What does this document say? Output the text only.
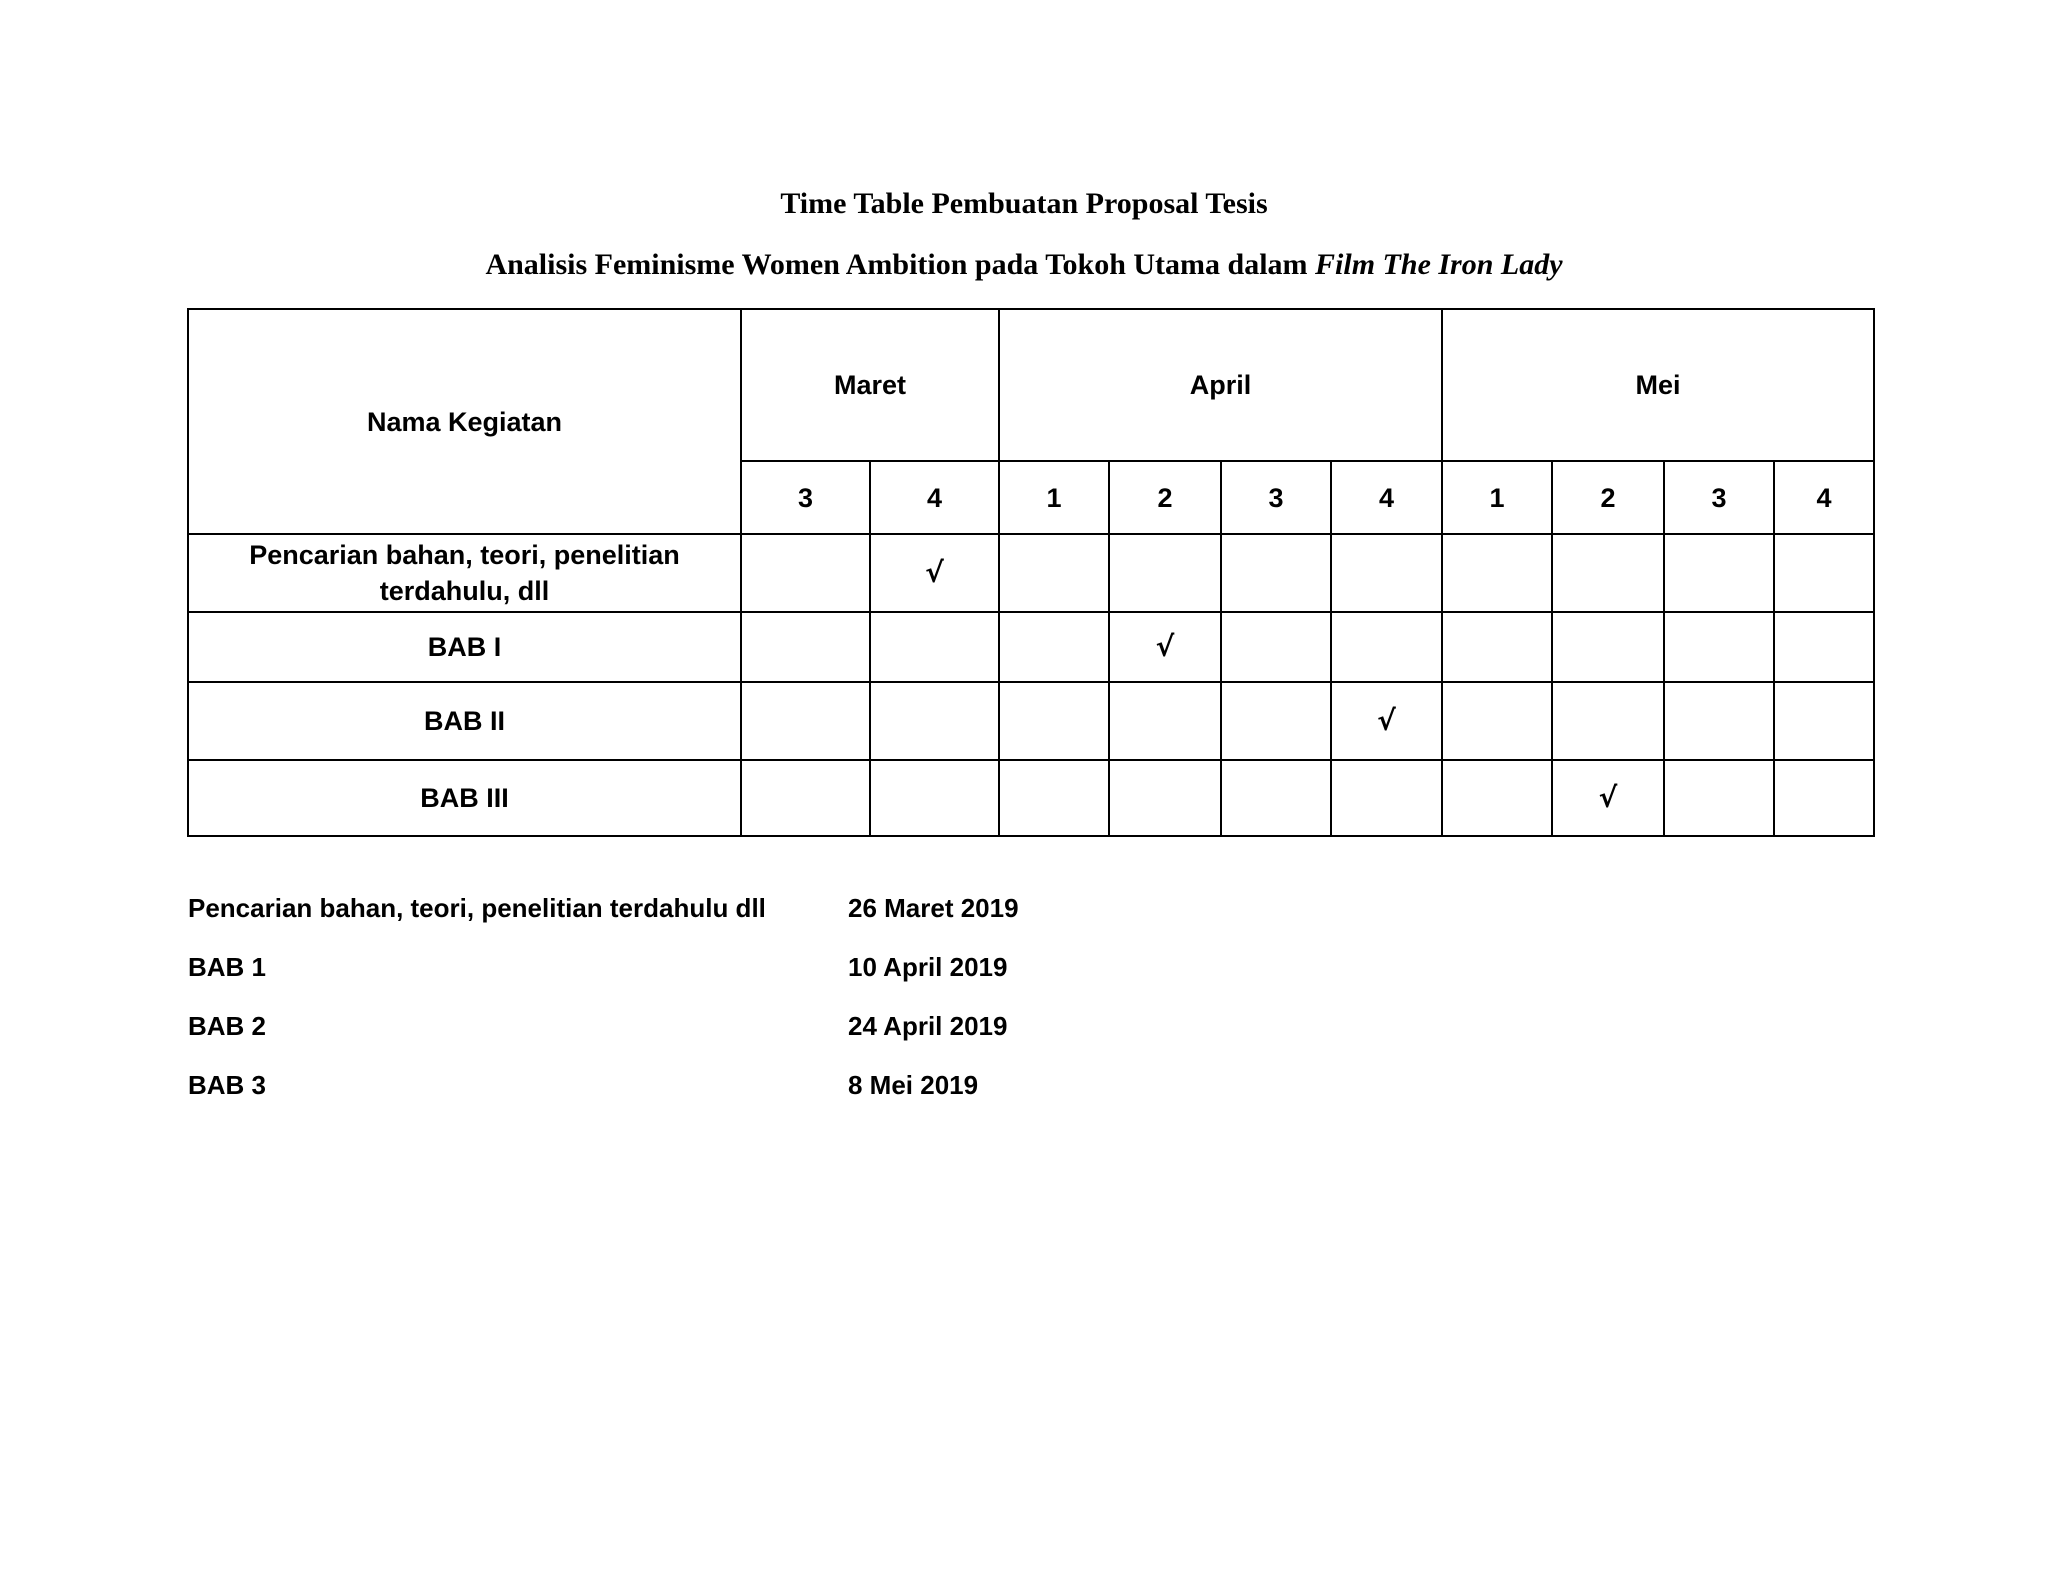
Time Table Pembuatan Proposal Tesis
Analisis Feminisme Women Ambition pada Tokoh Utama dalam Film The Iron Lady
Nama Kegiatan	Maret		April				Mei			
	3	4	1	2	3	4	1	2	3	4
Pencarian bahan, teori, penelitian terdahulu, dll		√								
BAB I				√						
BAB II						√				
BAB III								√		
Pencarian bahan, teori, penelitian terdahulu dll	26 Maret 2019
BAB 1	10 April 2019
BAB 2	24 April 2019
BAB 3	8 Mei 2019
